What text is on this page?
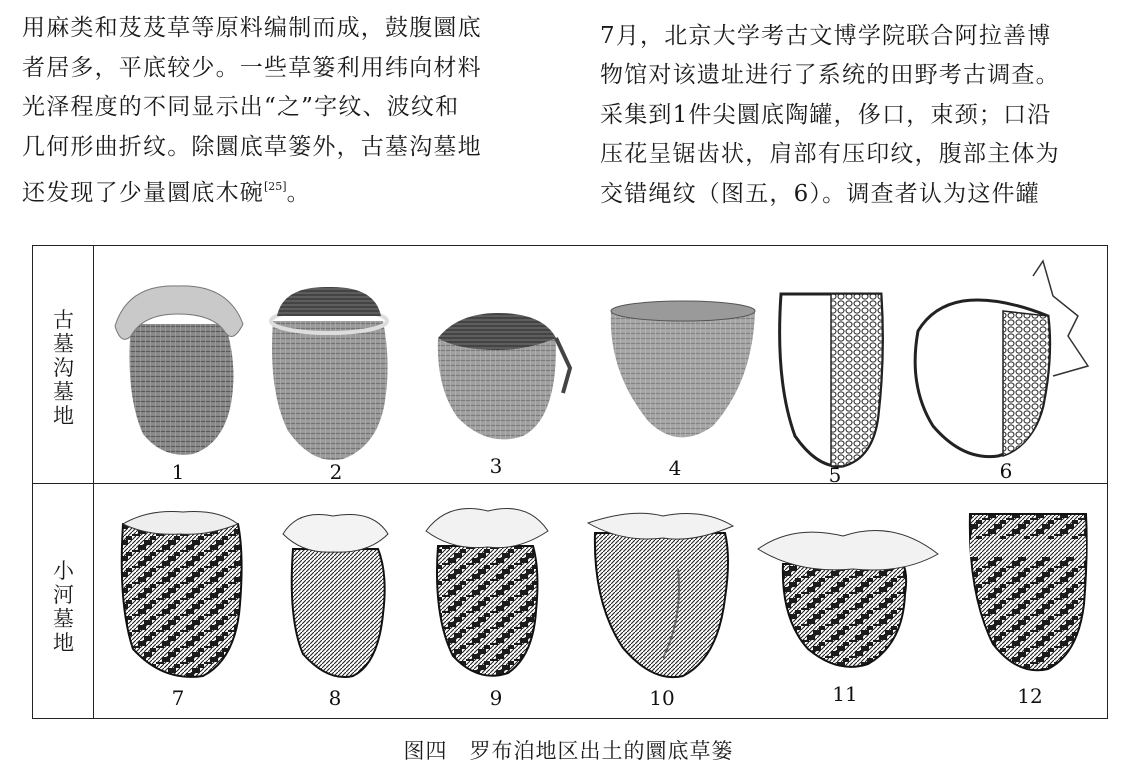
用麻类和芨芨草等原料编制而成，鼓腹圜底
者居多，平底较少。一些草篓利用纬向材料
光泽程度的不同显示出“之”字纹、波纹和
几何形曲折纹。除圜底草篓外，古墓沟墓地
还发现了少量圜底木碗[25]。

7月，北京大学考古文博学院联合阿拉善博
物馆对该遗址进行了系统的田野考古调查。
采集到1件尖圜底陶罐，侈口，束颈；口沿
压花呈锯齿状，肩部有压印纹，腹部主体为
交错绳纹（图五，6）。调查者认为这件罐
古
墓
沟
墓
地
小
河
墓
地
1	2	3	4	5	6
7	8	9	10	11	12
图四　罗布泊地区出土的圜底草篓
